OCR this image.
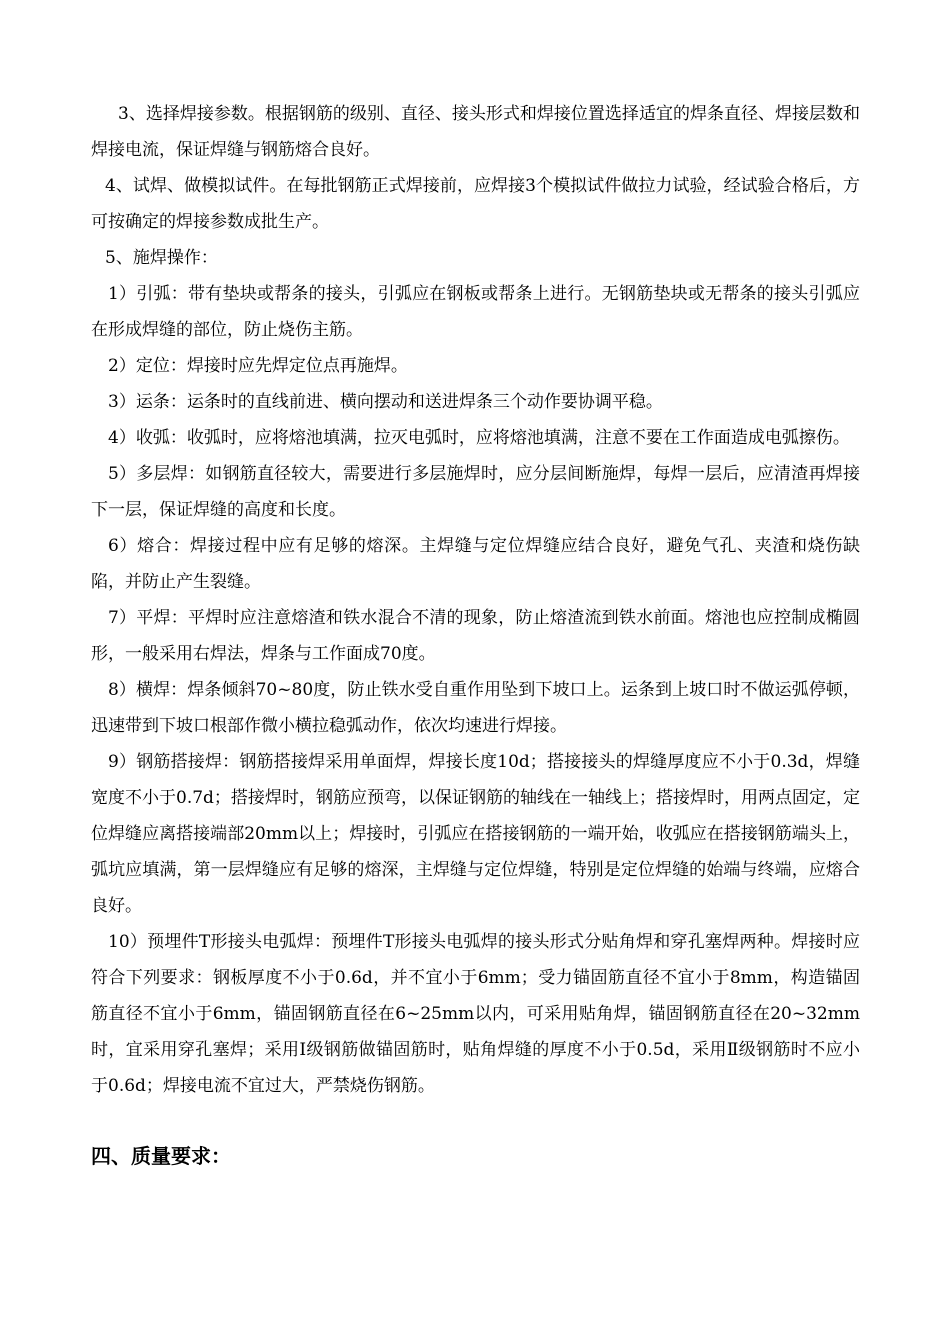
3、选择焊接参数。根据钢筋的级别、直径、接头形式和焊接位置选择适宜的焊条直径、焊接层数和焊接电流，保证焊缝与钢筋熔合良好。

4、试焊、做模拟试件。在每批钢筋正式焊接前，应焊接3个模拟试件做拉力试验，经试验合格后，方可按确定的焊接参数成批生产。

5、施焊操作：

1）引弧：带有垫块或帮条的接头，引弧应在钢板或帮条上进行。无钢筋垫块或无帮条的接头引弧应在形成焊缝的部位，防止烧伤主筋。

2）定位：焊接时应先焊定位点再施焊。

3）运条：运条时的直线前进、横向摆动和送进焊条三个动作要协调平稳。

4）收弧：收弧时，应将熔池填满，拉灭电弧时，应将熔池填满，注意不要在工作面造成电弧擦伤。

5）多层焊：如钢筋直径较大，需要进行多层施焊时，应分层间断施焊，每焊一层后，应清渣再焊接下一层，保证焊缝的高度和长度。

6）熔合：焊接过程中应有足够的熔深。主焊缝与定位焊缝应结合良好，避免气孔、夹渣和烧伤缺陷，并防止产生裂缝。

7）平焊：平焊时应注意熔渣和铁水混合不清的现象，防止熔渣流到铁水前面。熔池也应控制成椭圆形，一般采用右焊法，焊条与工作面成70度。

8）横焊：焊条倾斜70~80度，防止铁水受自重作用坠到下坡口上。运条到上坡口时不做运弧停顿，迅速带到下坡口根部作微小横拉稳弧动作，依次均速进行焊接。

9）钢筋搭接焊：钢筋搭接焊采用单面焊，焊接长度10d；搭接接头的焊缝厚度应不小于0.3d，焊缝宽度不小于0.7d；搭接焊时，钢筋应预弯，以保证钢筋的轴线在一轴线上；搭接焊时，用两点固定，定位焊缝应离搭接端部20mm以上；焊接时，引弧应在搭接钢筋的一端开始，收弧应在搭接钢筋端头上，弧坑应填满，第一层焊缝应有足够的熔深，主焊缝与定位焊缝，特别是定位焊缝的始端与终端，应熔合良好。

10）预埋件T形接头电弧焊：预埋件T形接头电弧焊的接头形式分贴角焊和穿孔塞焊两种。焊接时应符合下列要求：钢板厚度不小于0.6d，并不宜小于6mm；受力锚固筋直径不宜小于8mm，构造锚固筋直径不宜小于6mm，锚固钢筋直径在6~25mm以内，可采用贴角焊，锚固钢筋直径在20~32mm时，宜采用穿孔塞焊；采用Ⅰ级钢筋做锚固筋时，贴角焊缝的厚度不小于0.5d，采用Ⅱ级钢筋时不应小于0.6d；焊接电流不宜过大，严禁烧伤钢筋。

四、质量要求：
